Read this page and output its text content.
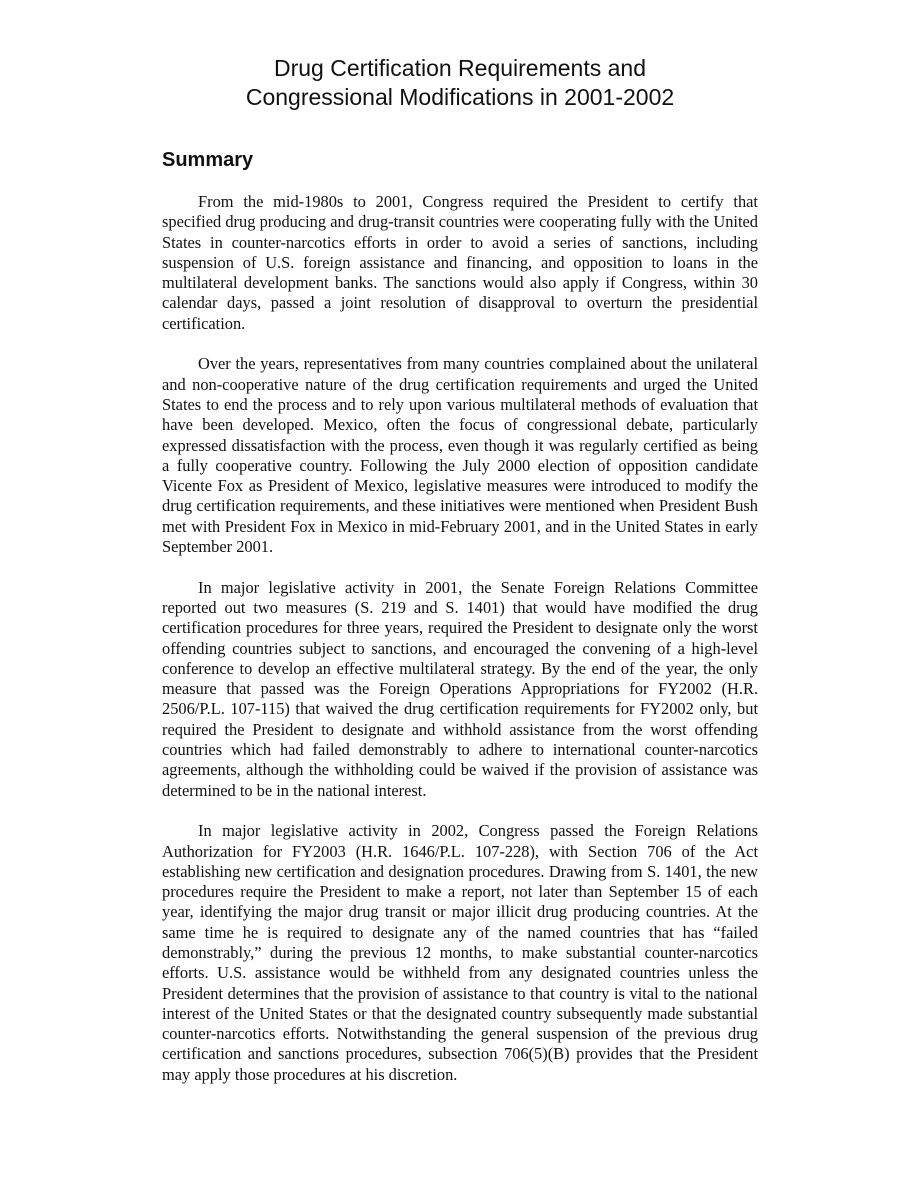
Drug Certification Requirements and
Congressional Modifications in 2001-2002
Summary

From the mid-1980s to 2001, Congress required the President to certify that specified drug producing and drug-transit countries were cooperating fully with the United States in counter-narcotics efforts in order to avoid a series of sanctions, including suspension of U.S. foreign assistance and financing, and opposition to loans in the multilateral development banks. The sanctions would also apply if Congress, within 30 calendar days, passed a joint resolution of disapproval to overturn the presidential certification.

Over the years, representatives from many countries complained about the unilateral and non-cooperative nature of the drug certification requirements and urged the United States to end the process and to rely upon various multilateral methods of evaluation that have been developed. Mexico, often the focus of congressional debate, particularly expressed dissatisfaction with the process, even though it was regularly certified as being a fully cooperative country. Following the July 2000 election of opposition candidate Vicente Fox as President of Mexico, legislative measures were introduced to modify the drug certification requirements, and these initiatives were mentioned when President Bush met with President Fox in Mexico in mid-February 2001, and in the United States in early September 2001.

In major legislative activity in 2001, the Senate Foreign Relations Committee reported out two measures (S. 219 and S. 1401) that would have modified the drug certification procedures for three years, required the President to designate only the worst offending countries subject to sanctions, and encouraged the convening of a high-level conference to develop an effective multilateral strategy. By the end of the year, the only measure that passed was the Foreign Operations Appropriations for FY2002 (H.R. 2506/P.L. 107-115) that waived the drug certification requirements for FY2002 only, but required the President to designate and withhold assistance from the worst offending countries which had failed demonstrably to adhere to international counter-narcotics agreements, although the withholding could be waived if the provision of assistance was determined to be in the national interest.

In major legislative activity in 2002, Congress passed the Foreign Relations Authorization for FY2003 (H.R. 1646/P.L. 107-228), with Section 706 of the Act establishing new certification and designation procedures. Drawing from S. 1401, the new procedures require the President to make a report, not later than September 15 of each year, identifying the major drug transit or major illicit drug producing countries. At the same time he is required to designate any of the named countries that has “failed demonstrably,” during the previous 12 months, to make substantial counter-narcotics efforts. U.S. assistance would be withheld from any designated countries unless the President determines that the provision of assistance to that country is vital to the national interest of the United States or that the designated country subsequently made substantial counter-narcotics efforts. Notwithstanding the general suspension of the previous drug certification and sanctions procedures, subsection 706(5)(B) provides that the President may apply those procedures at his discretion.
